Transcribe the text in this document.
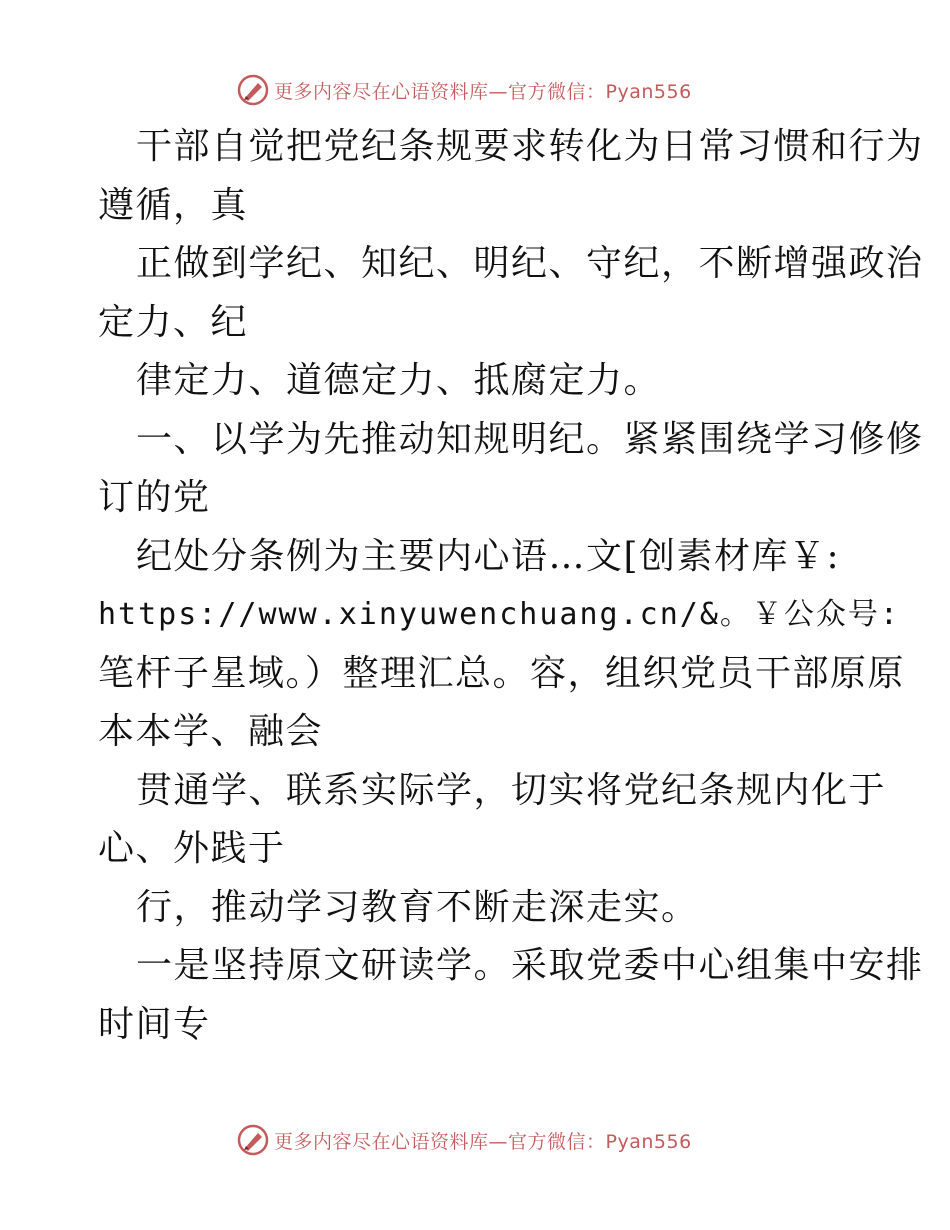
更多内容尽在心语资料库—官方微信：Pyan556
干部自觉把党纪条规要求转化为日常习惯和行为
遵循，真
正做到学纪、知纪、明纪、守纪，不断增强政治
定力、纪
律定力、道德定力、抵腐定力。
一、以学为先推动知规明纪。紧紧围绕学习修修
订的党
纪处分条例为主要内心语…文[创素材库￥:
https://www.xinyuwenchuang.cn/&。￥公众号:
笔杆子星域。）整理汇总。容，组织党员干部原原
本本学、融会
贯通学、联系实际学，切实将党纪条规内化于
心、外践于
行，推动学习教育不断走深走实。
一是坚持原文研读学。采取党委中心组集中安排
时间专
更多内容尽在心语资料库—官方微信：Pyan556
